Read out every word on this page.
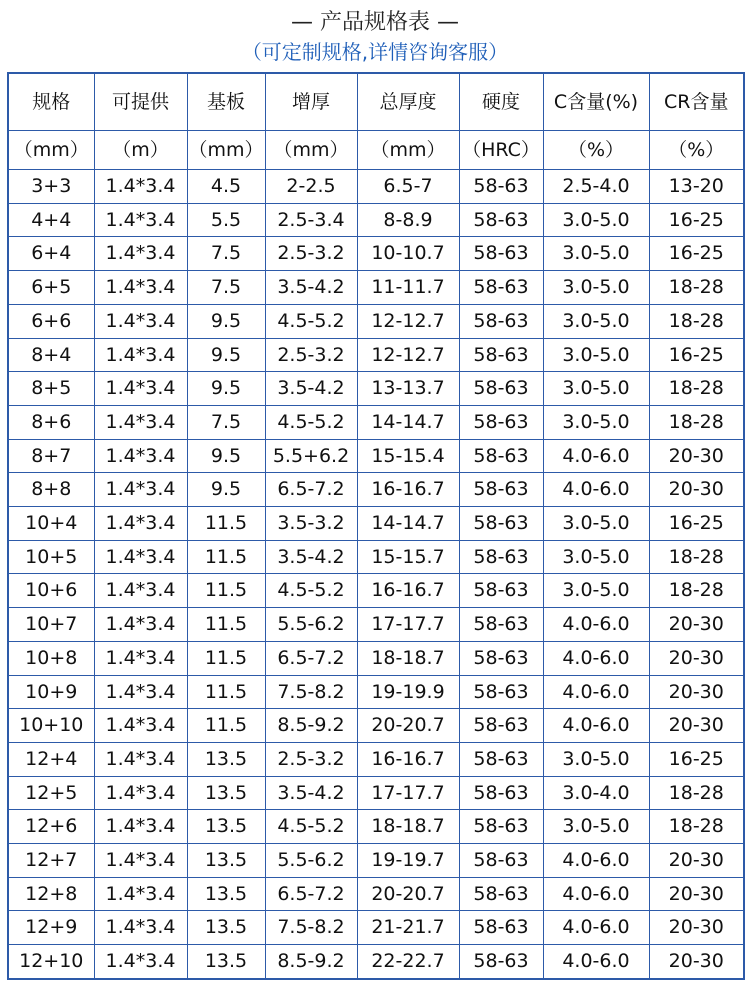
— 产品规格表 —
（可定制规格,详情咨询客服）
规格	可提供	基板	增厚	总厚度	硬度	C含量(%)	CR含量
（mm）	（m）	（mm）	（mm）	（mm）	（HRC）	（%）	（%）
3+3	1.4*3.4	4.5	2-2.5	6.5-7	58-63	2.5-4.0	13-20
4+4	1.4*3.4	5.5	2.5-3.4	8-8.9	58-63	3.0-5.0	16-25
6+4	1.4*3.4	7.5	2.5-3.2	10-10.7	58-63	3.0-5.0	16-25
6+5	1.4*3.4	7.5	3.5-4.2	11-11.7	58-63	3.0-5.0	18-28
6+6	1.4*3.4	9.5	4.5-5.2	12-12.7	58-63	3.0-5.0	18-28
8+4	1.4*3.4	9.5	2.5-3.2	12-12.7	58-63	3.0-5.0	16-25
8+5	1.4*3.4	9.5	3.5-4.2	13-13.7	58-63	3.0-5.0	18-28
8+6	1.4*3.4	7.5	4.5-5.2	14-14.7	58-63	3.0-5.0	18-28
8+7	1.4*3.4	9.5	5.5+6.2	15-15.4	58-63	4.0-6.0	20-30
8+8	1.4*3.4	9.5	6.5-7.2	16-16.7	58-63	4.0-6.0	20-30
10+4	1.4*3.4	11.5	3.5-3.2	14-14.7	58-63	3.0-5.0	16-25
10+5	1.4*3.4	11.5	3.5-4.2	15-15.7	58-63	3.0-5.0	18-28
10+6	1.4*3.4	11.5	4.5-5.2	16-16.7	58-63	3.0-5.0	18-28
10+7	1.4*3.4	11.5	5.5-6.2	17-17.7	58-63	4.0-6.0	20-30
10+8	1.4*3.4	11.5	6.5-7.2	18-18.7	58-63	4.0-6.0	20-30
10+9	1.4*3.4	11.5	7.5-8.2	19-19.9	58-63	4.0-6.0	20-30
10+10	1.4*3.4	11.5	8.5-9.2	20-20.7	58-63	4.0-6.0	20-30
12+4	1.4*3.4	13.5	2.5-3.2	16-16.7	58-63	3.0-5.0	16-25
12+5	1.4*3.4	13.5	3.5-4.2	17-17.7	58-63	3.0-4.0	18-28
12+6	1.4*3.4	13.5	4.5-5.2	18-18.7	58-63	3.0-5.0	18-28
12+7	1.4*3.4	13.5	5.5-6.2	19-19.7	58-63	4.0-6.0	20-30
12+8	1.4*3.4	13.5	6.5-7.2	20-20.7	58-63	4.0-6.0	20-30
12+9	1.4*3.4	13.5	7.5-8.2	21-21.7	58-63	4.0-6.0	20-30
12+10	1.4*3.4	13.5	8.5-9.2	22-22.7	58-63	4.0-6.0	20-30
